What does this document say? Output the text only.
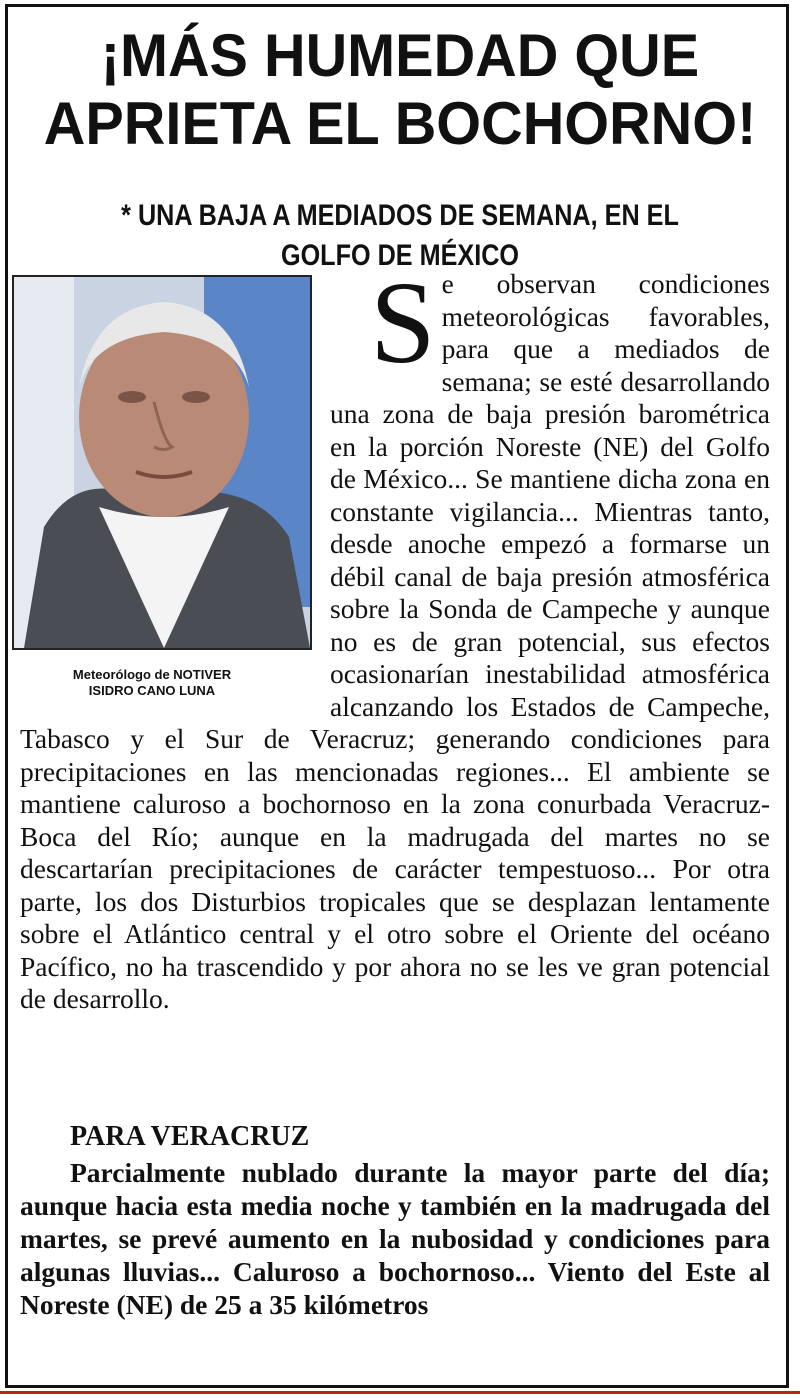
¡MÁS HUMEDAD QUE APRIETA EL BOCHORNO!
* UNA BAJA A MEDIADOS DE SEMANA, EN EL GOLFO DE MÉXICO
Meteorólogo de NOTIVER
ISIDRO CANO LUNA
S e observan condiciones meteorológicas favorables, para que a mediados de semana; se esté desarrollando una zona de baja presión barométrica en la porción Noreste (NE) del Golfo de México... Se mantiene dicha zona en constante vigilancia... Mientras tanto, desde anoche empezó a formarse un débil canal de baja presión atmosférica sobre la Sonda de Campeche y aunque no es de gran potencial, sus efectos ocasionarían inestabilidad atmosférica alcanzando los Estados de Campeche, Tabasco y el Sur de Veracruz; generando condiciones para precipitaciones en las mencionadas regiones... El ambiente se mantiene caluroso a bochornoso en la zona conurbada Veracruz-Boca del Río; aunque en la madrugada del martes no se descartarían precipitaciones de carácter tempestuoso... Por otra parte, los dos Disturbios tropicales que se desplazan lentamente sobre el Atlántico central y el otro sobre el Oriente del océano Pacífico, no ha trascendido y por ahora no se les ve gran potencial de desarrollo.

PARA VERACRUZ

Parcialmente nublado durante la mayor parte del día; aunque hacia esta media noche y también en la madrugada del martes, se prevé aumento en la nubosidad y condiciones para algunas lluvias... Caluroso a bochornoso... Viento del Este al Noreste (NE) de 25 a 35 kilómetros
